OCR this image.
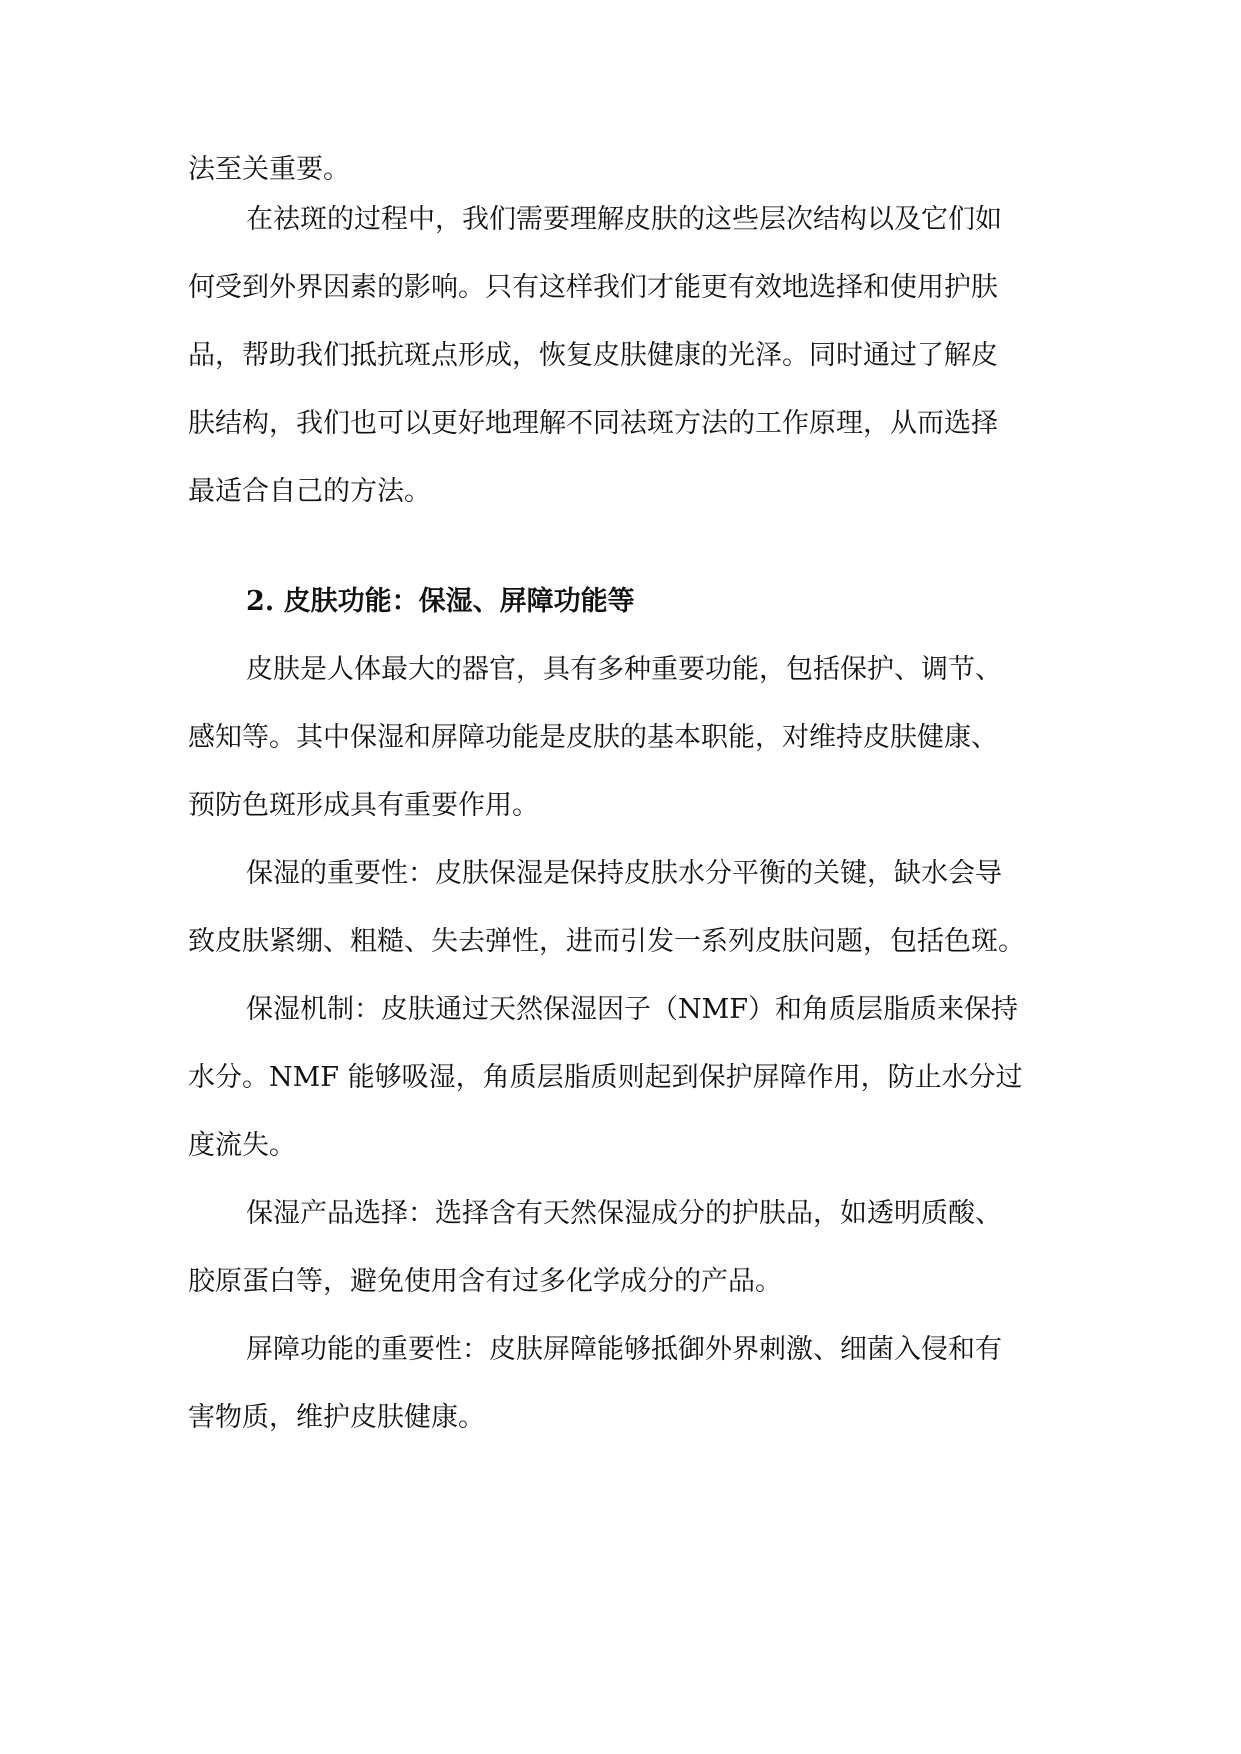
法至关重要。

在祛斑的过程中，我们需要理解皮肤的这些层次结构以及它们如

何受到外界因素的影响。只有这样我们才能更有效地选择和使用护肤

品，帮助我们抵抗斑点形成，恢复皮肤健康的光泽。同时通过了解皮

肤结构，我们也可以更好地理解不同祛斑方法的工作原理，从而选择

最适合自己的方法。

2. 皮肤功能：保湿、屏障功能等

皮肤是人体最大的器官，具有多种重要功能，包括保护、调节、

感知等。其中保湿和屏障功能是皮肤的基本职能，对维持皮肤健康、

预防色斑形成具有重要作用。

保湿的重要性：皮肤保湿是保持皮肤水分平衡的关键，缺水会导

致皮肤紧绷、粗糙、失去弹性，进而引发一系列皮肤问题，包括色斑。

保湿机制：皮肤通过天然保湿因子（NMF）和角质层脂质来保持

水分。NMF 能够吸湿，角质层脂质则起到保护屏障作用，防止水分过

度流失。

保湿产品选择：选择含有天然保湿成分的护肤品，如透明质酸、

胶原蛋白等，避免使用含有过多化学成分的产品。

屏障功能的重要性：皮肤屏障能够抵御外界刺激、细菌入侵和有

害物质，维护皮肤健康。
